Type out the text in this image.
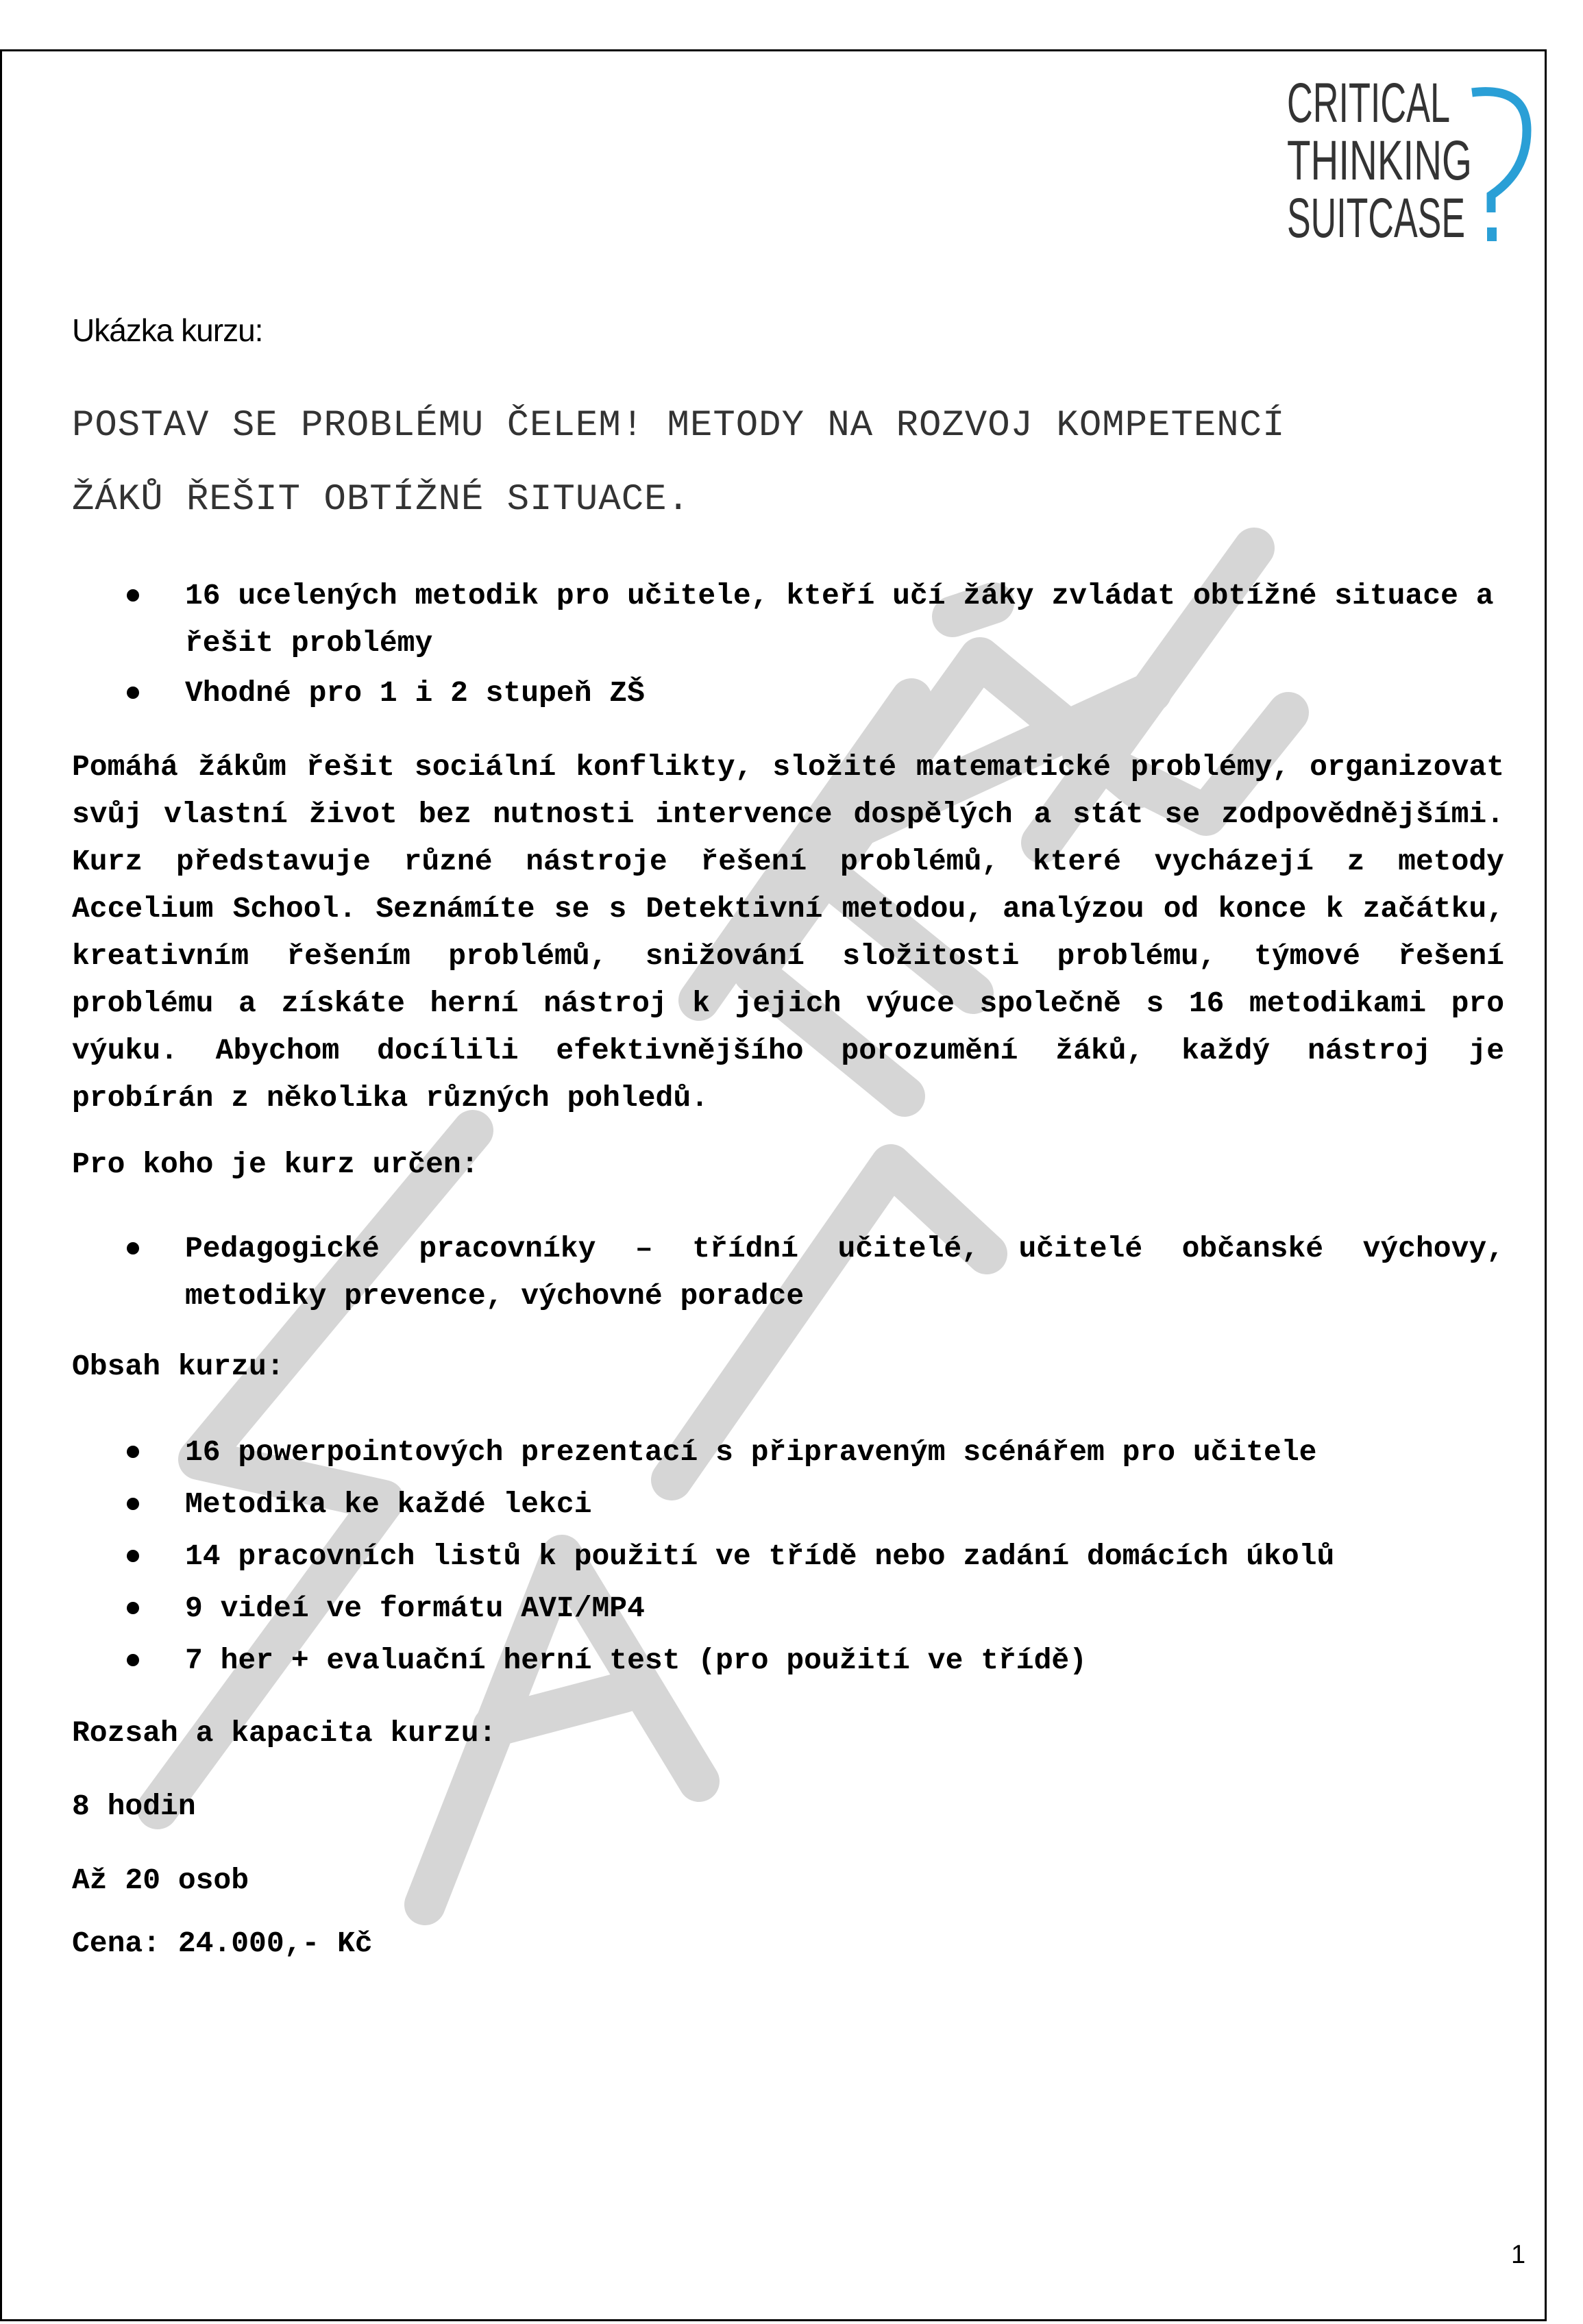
CRITICAL
THINKING
SUITCASE
Ukázka kurzu:
POSTAV SE PROBLÉMU ČELEM! METODY NA ROZVOJ KOMPETENCÍ
ŽÁKŮ ŘEŠIT OBTÍŽNÉ SITUACE.
16 ucelených metodik pro učitele, kteří učí žáky zvládat obtížné situace a řešit problémy
Vhodné pro 1 i 2 stupeň ZŠ
Pomáhá žákům řešit sociální konflikty, složité matematické problémy, organizovat svůj vlastní život bez nutnosti intervence dospělých a stát se zodpovědnějšími. Kurz představuje různé nástroje řešení problémů, které vycházejí z metody Accelium School. Seznámíte se s Detektivní metodou, analýzou od konce k začátku, kreativním řešením problémů, snižování složitosti problému, týmové řešení problému a získáte herní nástroj k jejich výuce společně s 16 metodikami pro výuku. Abychom docílili efektivnějšího porozumění žáků, každý nástroj je probírán z několika různých pohledů.
Pro koho je kurz určen:
Pedagogické pracovníky – třídní učitelé, učitelé občanské výchovy, metodiky prevence, výchovné poradce
Obsah kurzu:
16 powerpointových prezentací s připraveným scénářem pro učitele
Metodika ke každé lekci
14 pracovních listů k použití ve třídě nebo zadání domácích úkolů
9 videí ve formátu AVI/MP4
7 her + evaluační herní test (pro použití ve třídě)
Rozsah a kapacita kurzu:
8 hodin
Až 20 osob
Cena: 24.000,- Kč
1
